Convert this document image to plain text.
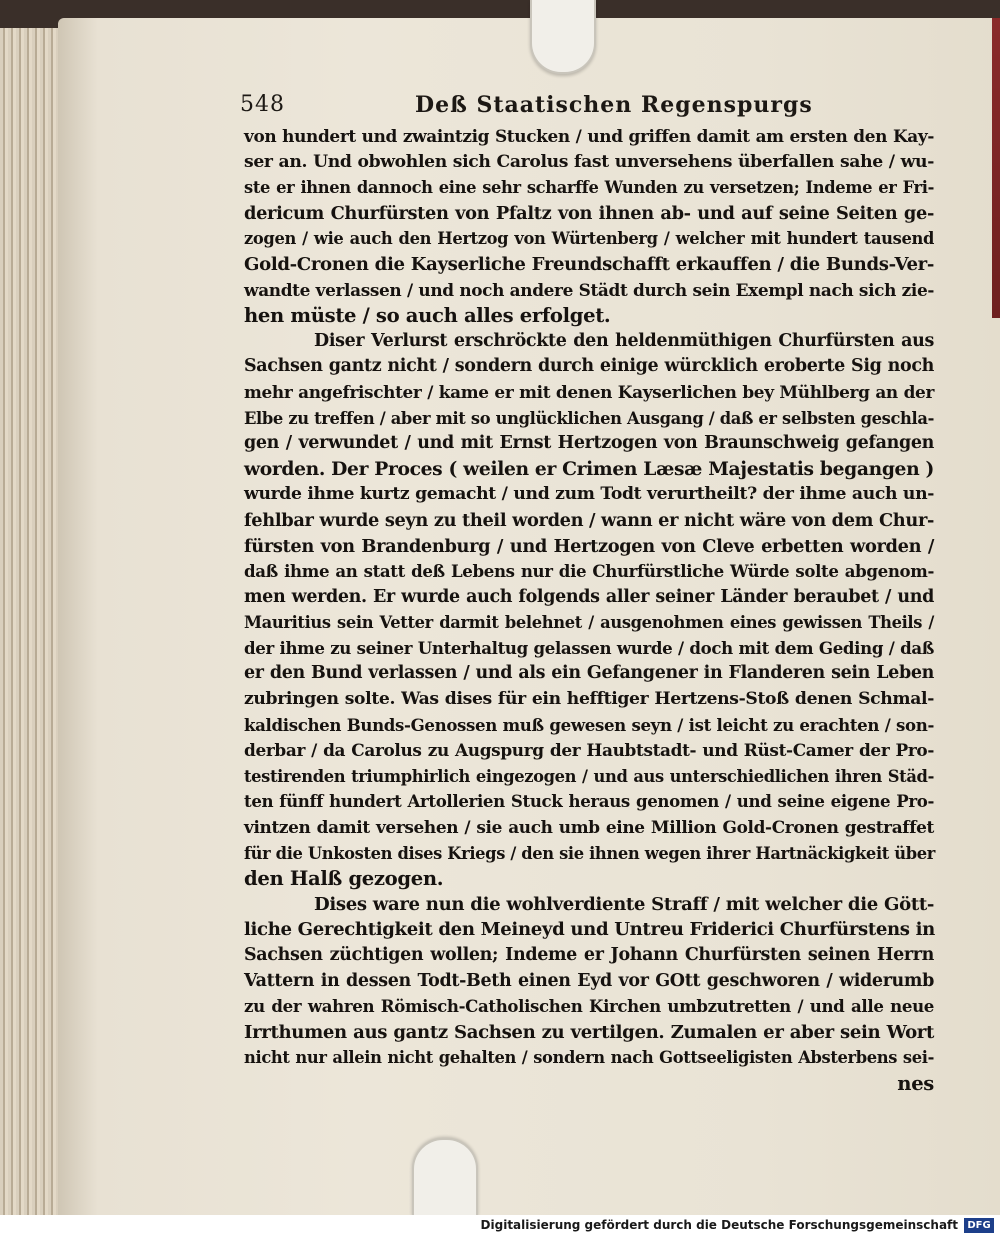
548	Deß Staatischen Regenspurgs
von hundert und zwaintzig Stucken / und griffen damit am ersten den Kay-
ser an. Und obwohlen sich Carolus fast unversehens überfallen sahe / wu-
ste er ihnen dannoch eine sehr scharffe Wunden zu versetzen; Indeme er Fri-
dericum Churfürsten von Pfaltz von ihnen ab- und auf seine Seiten ge-
zogen / wie auch den Hertzog von Würtenberg / welcher mit hundert tausend
Gold-Cronen die Kayserliche Freundschafft erkauffen / die Bunds-Ver-
wandte verlassen / und noch andere Städt durch sein Exempl nach sich zie-
hen müste / so auch alles erfolget.
Diser Verlurst erschröckte den heldenmüthigen Churfürsten aus
Sachsen gantz nicht / sondern durch einige würcklich eroberte Sig noch
mehr angefrischter / kame er mit denen Kayserlichen bey Mühlberg an der
Elbe zu treffen / aber mit so unglücklichen Ausgang / daß er selbsten geschla-
gen / verwundet / und mit Ernst Hertzogen von Braunschweig gefangen
worden. Der Proces ( weilen er Crimen Læsæ Majestatis begangen )
wurde ihme kurtz gemacht / und zum Todt verurtheilt? der ihme auch un-
fehlbar wurde seyn zu theil worden / wann er nicht wäre von dem Chur-
fürsten von Brandenburg / und Hertzogen von Cleve erbetten worden /
daß ihme an statt deß Lebens nur die Churfürstliche Würde solte abgenom-
men werden. Er wurde auch folgends aller seiner Länder beraubet / und
Mauritius sein Vetter darmit belehnet / ausgenohmen eines gewissen Theils /
der ihme zu seiner Unterhaltug gelassen wurde / doch mit dem Geding / daß
er den Bund verlassen / und als ein Gefangener in Flanderen sein Leben
zubringen solte. Was dises für ein hefftiger Hertzens-Stoß denen Schmal-
kaldischen Bunds-Genossen muß gewesen seyn / ist leicht zu erachten / son-
derbar / da Carolus zu Augspurg der Haubtstadt- und Rüst-Camer der Pro-
testirenden triumphirlich eingezogen / und aus unterschiedlichen ihren Städ-
ten fünff hundert Artollerien Stuck heraus genomen / und seine eigene Pro-
vintzen damit versehen / sie auch umb eine Million Gold-Cronen gestraffet
für die Unkosten dises Kriegs / den sie ihnen wegen ihrer Hartnäckigkeit über
den Halß gezogen.
Dises ware nun die wohlverdiente Straff / mit welcher die Gött-
liche Gerechtigkeit den Meineyd und Untreu Friderici Churfürstens in
Sachsen züchtigen wollen; Indeme er Johann Churfürsten seinen Herrn
Vattern in dessen Todt-Beth einen Eyd vor GOtt geschworen / widerumb
zu der wahren Römisch-Catholischen Kirchen umbzutretten / und alle neue
Irrthumen aus gantz Sachsen zu vertilgen. Zumalen er aber sein Wort
nicht nur allein nicht gehalten / sondern nach Gottseeligisten Absterbens sei-
nes
Digitalisierung gefördert durch die Deutsche Forschungsgemeinschaft DFG
